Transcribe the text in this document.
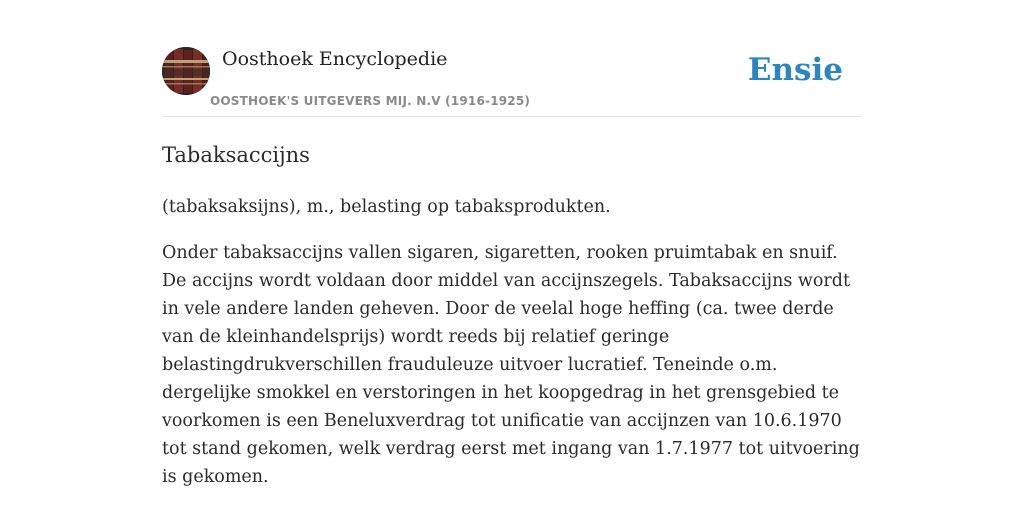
Oosthoek Encyclopedie
OOSTHOEK'S UITGEVERS MIJ. N.V (1916-1925)
Ensie
Tabaksaccijns
(tabaksaksijns), m., belasting op tabaksprodukten.
Onder tabaksaccijns vallen sigaren, sigaretten, rooken pruimtabak en snuif. De accijns wordt voldaan door middel van accijnszegels. Tabaksaccijns wordt in vele andere landen geheven. Door de veelal hoge heffing (ca. twee derde van de kleinhandelsprijs) wordt reeds bij relatief geringe belastingdrukverschillen frauduleuze uitvoer lucratief. Teneinde o.m. dergelijke smokkel en verstoringen in het koopgedrag in het grensgebied te voorkomen is een Beneluxverdrag tot unificatie van accijnzen van 10.6.1970 tot stand gekomen, welk verdrag eerst met ingang van 1.7.1977 tot uitvoering is gekomen.
